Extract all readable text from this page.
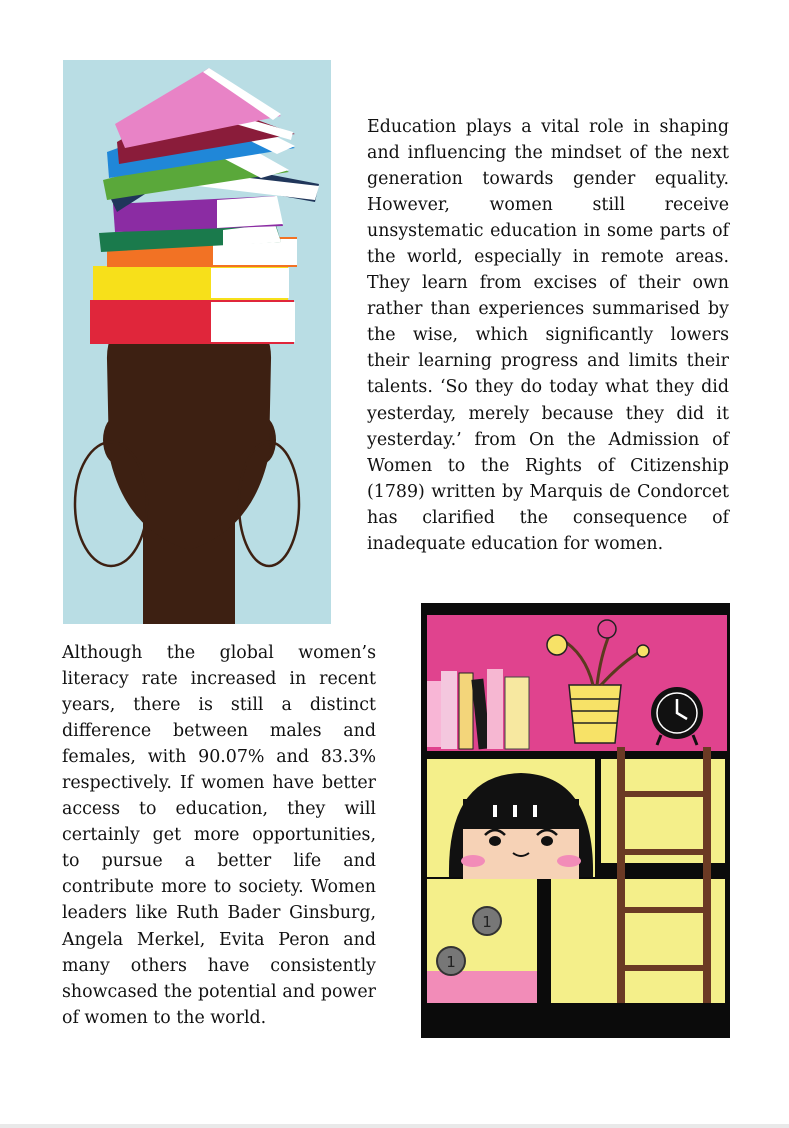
Education plays a vital role in shaping and influencing the mindset of the next generation towards gender equality. However, women still receive unsystematic education in some parts of the world, especially in remote areas. They learn from excises of their own rather than experiences summarised by the wise, which significantly lowers their learning progress and limits their talents. ‘So they do today what they did yesterday, merely because they did it yesterday.’ from On the Admission of Women to the Rights of Citizenship (1789) written by Marquis de Condorcet has clarified the consequence of inadequate education for women.

1
1

Although the global women’s literacy rate increased in recent years, there is still a distinct difference between males and females, with 90.07% and 83.3% respectively. If women have better access to education, they will certainly get more opportunities, to pursue a better life and contribute more to society. Women leaders like Ruth Bader Ginsburg, Angela Merkel, Evita Peron and many others have consistently showcased the potential and power of women to the world.
